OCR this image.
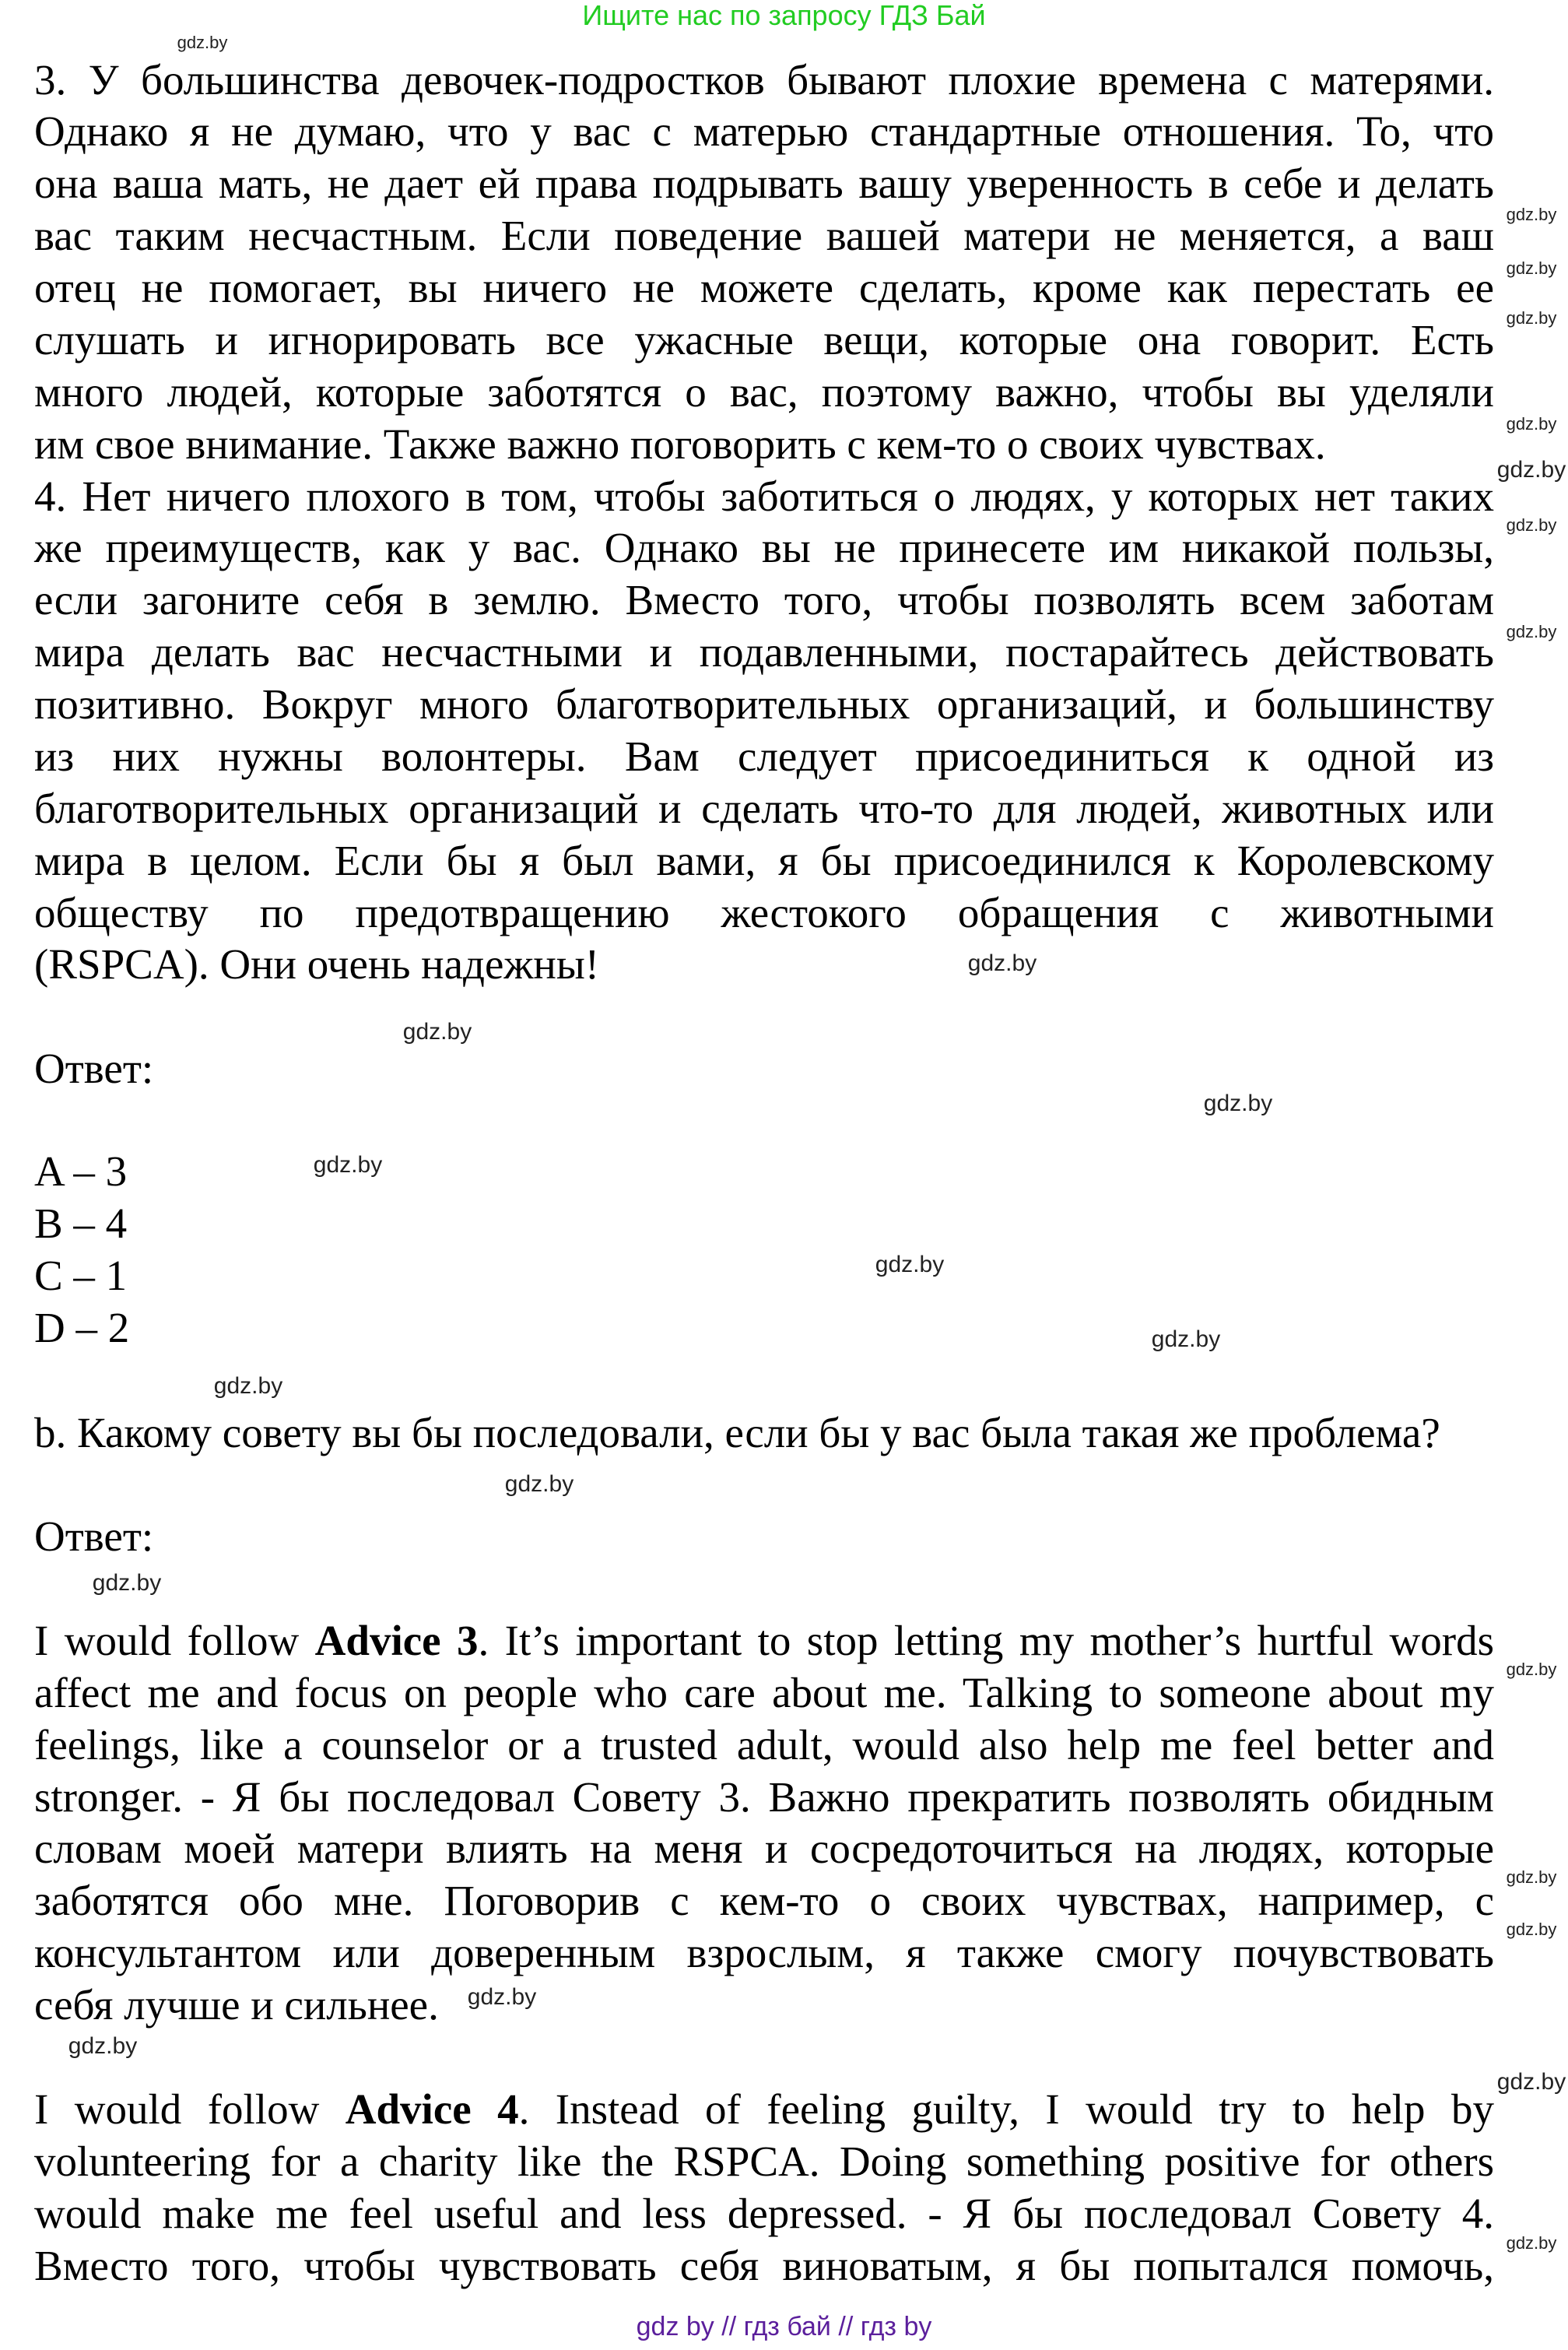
Ищите нас по запросу ГДЗ Бай
3. У большинства девочек-подростков бывают плохие времена с матерями.
Однако я не думаю, что у вас с матерью стандартные отношения. То, что
она ваша мать, не дает ей права подрывать вашу уверенность в себе и делать
вас таким несчастным. Если поведение вашей матери не меняется, а ваш
отец не помогает, вы ничего не можете сделать, кроме как перестать ее
слушать и игнорировать все ужасные вещи, которые она говорит. Есть
много людей, которые заботятся о вас, поэтому важно, чтобы вы уделяли
им свое внимание. Также важно поговорить с кем-то о своих чувствах.
4. Нет ничего плохого в том, чтобы заботиться о людях, у которых нет таких
же преимуществ, как у вас. Однако вы не принесете им никакой пользы,
если загоните себя в землю. Вместо того, чтобы позволять всем заботам
мира делать вас несчастными и подавленными, постарайтесь действовать
позитивно. Вокруг много благотворительных организаций, и большинству
из них нужны волонтеры. Вам следует присоединиться к одной из
благотворительных организаций и сделать что-то для людей, животных или
мира в целом. Если бы я был вами, я бы присоединился к Королевскому
обществу по предотвращению жестокого обращения с животными
(RSPCA). Они очень надежны!
Ответ:
A – 3
B – 4
C – 1
D – 2
b. Какому совету вы бы последовали, если бы у вас была такая же проблема?
Ответ:
I would follow Advice 3. It’s important to stop letting my mother’s hurtful words
affect me and focus on people who care about me. Talking to someone about my
feelings, like a counselor or a trusted adult, would also help me feel better and
stronger. - Я бы последовал Совету 3. Важно прекратить позволять обидным
словам моей матери влиять на меня и сосредоточиться на людях, которые
заботятся обо мне. Поговорив с кем-то о своих чувствах, например, с
консультантом или доверенным взрослым, я также смогу почувствовать
себя лучше и сильнее.
I would follow Advice 4. Instead of feeling guilty, I would try to help by
volunteering for a charity like the RSPCA. Doing something positive for others
would make me feel useful and less depressed. - Я бы последовал Совету 4.
Вместо того, чтобы чувствовать себя виноватым, я бы попытался помочь,
gdz.by
gdz.by
gdz.by
gdz.by
gdz.by
gdz.by
gdz.by
gdz.by
gdz.by
gdz.by
gdz.by
gdz.by
gdz.by
gdz.by
gdz.by
gdz.by
gdz.by
gdz.by
gdz.by
gdz.by
gdz.by
gdz.by
gdz.by
gdz.by
gdz by // гдз бай // гдз by
